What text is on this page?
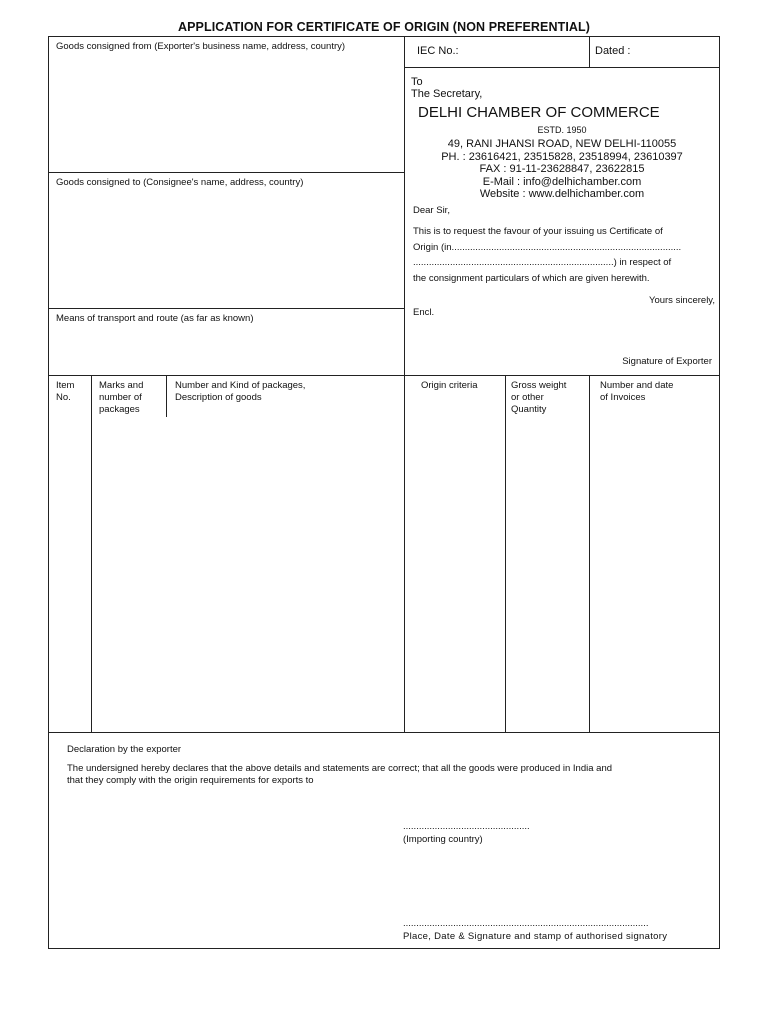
APPLICATION FOR CERTIFICATE OF ORIGIN (NON PREFERENTIAL)
Goods consigned from (Exporter's business name, address, country)
Goods consigned to (Consignee's name, address, country)
Means of transport and route (as far as known)
IEC No.:	Dated :
To
The Secretary,
DELHI CHAMBER OF COMMERCE
ESTD. 1950
49, RANI JHANSI ROAD, NEW DELHI-110055
PH. : 23616421, 23515828, 23518994, 23610397
FAX : 91-11-23628847, 23622815
E-Mail : info@delhichamber.com
Website : www.delhichamber.com
Dear Sir,
This is to request the favour of your issuing us Certificate of
Origin (in.......................................................................................
............................................................................) in respect of
the consignment particulars of which are given herewith.
Yours sincerely,
Encl.
Signature of Exporter
Item
No.
Marks and
number of
packages
Number and Kind of packages,
Description of goods
Origin criteria	Gross weight
or other
Quantity
Number and date
of Invoices
Declaration by the exporter
The undersigned hereby declares that the above details and statements are correct; that all the goods were produced in India and
that they comply with the origin requirements for exports to
................................................
(Importing country)
.............................................................................................
Place, Date & Signature and stamp of authorised signatory
